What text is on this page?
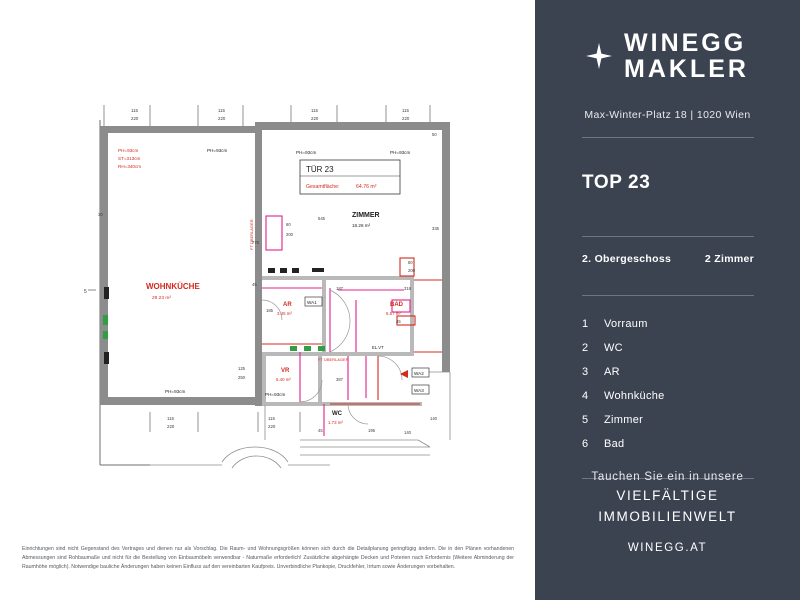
115
220
115
220
115
220
115
220
TÜR 23
Gesamtfläche:	64.76 m²
WOHNKÜCHE
29.23 m²
ZIMMER
18.26 m²
AR
3.45 m²
BAD
5.57 m²
VR
5.40 m²
WC
1.73 m²
PH=93cm
ST=313cm
RH=340cm
PH=93cm	PH=93cm	PH=93cm
PH=93cm
PH=93cm
FT ÜBERLAGER
FT ÜBERLAGER
EL.VT
WA1
WA2
WA3
30
775
45
185
545
187	318
387
125
250
195	140
140
335
50
45
60
200
80
200
45
115
220
115
220
5
Einrichtungen sind nicht Gegenstand des Vertrages und dienen nur als Vorschlag. Die Raum- und Wohnungsgrößen können sich durch die Detailplanung geringfügig ändern. Die in den Plänen vorhandenen Abmessungen sind Rohbaumaße und nicht für die Bestellung von Einbaumöbeln verwendbar - Naturmaße erforderlich! Zusätzliche abgehängte Decken und Poterien nach Erfordernis (Weitere Abminderung der Raumhöhe möglich). Notwendige bauliche Änderungen haben keinen Einfluss auf den vereinbarten Kaufpreis. Unverbindliche Plankopie, Druckfehler, Irrtum sowie Änderungen vorbehalten.
WINEGG
MAKLER
Max-Winter-Platz 18 | 1020 Wien
TOP 23
2. Obergeschoss	2 Zimmer
1	Vorraum
2	WC
3	AR
4	Wohnküche
5	Zimmer
6	Bad
Tauchen Sie ein in unsere
VIELFÄLTIGE
IMMOBILIENWELT
WINEGG.AT
